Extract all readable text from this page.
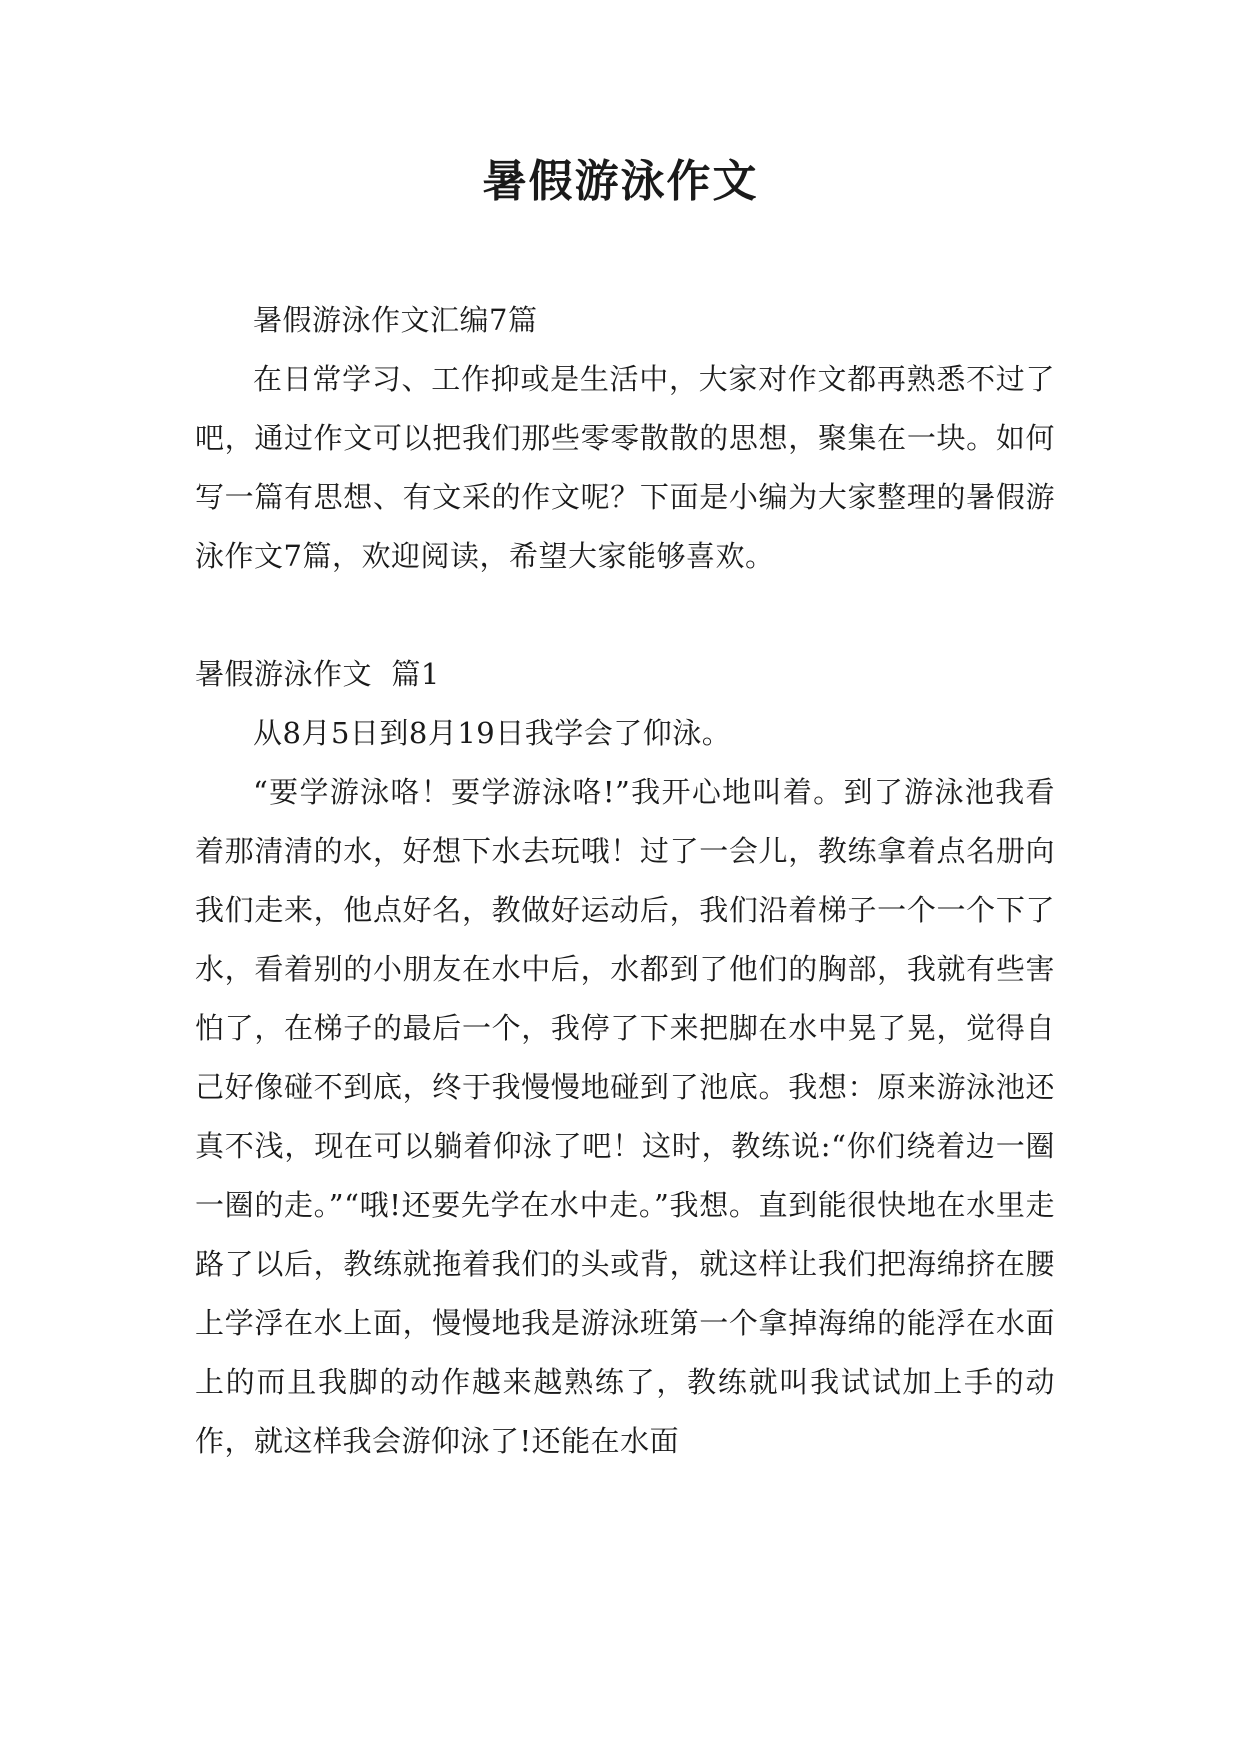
暑假游泳作文

暑假游泳作文汇编7篇

在日常学习、工作抑或是生活中，大家对作文都再熟悉不过了吧，通过作文可以把我们那些零零散散的思想，聚集在一块。如何写一篇有思想、有文采的作文呢？下面是小编为大家整理的暑假游泳作文7篇，欢迎阅读，希望大家能够喜欢。

暑假游泳作文  篇1

从8月5日到8月19日我学会了仰泳。

“要学游泳咯！要学游泳咯!”我开心地叫着。到了游泳池我看着那清清的水，好想下水去玩哦！过了一会儿，教练拿着点名册向我们走来，他点好名，教做好运动后，我们沿着梯子一个一个下了水，看着别的小朋友在水中后，水都到了他们的胸部，我就有些害怕了，在梯子的最后一个，我停了下来把脚在水中晃了晃，觉得自己好像碰不到底，终于我慢慢地碰到了池底。我想：原来游泳池还真不浅，现在可以躺着仰泳了吧！这时，教练说:“你们绕着边一圈一圈的走。”“哦!还要先学在水中走。”我想。直到能很快地在水里走路了以后，教练就拖着我们的头或背，就这样让我们把海绵挤在腰上学浮在水上面，慢慢地我是游泳班第一个拿掉海绵的能浮在水面上的而且我脚的动作越来越熟练了，教练就叫我试试加上手的动作，就这样我会游仰泳了!还能在水面
